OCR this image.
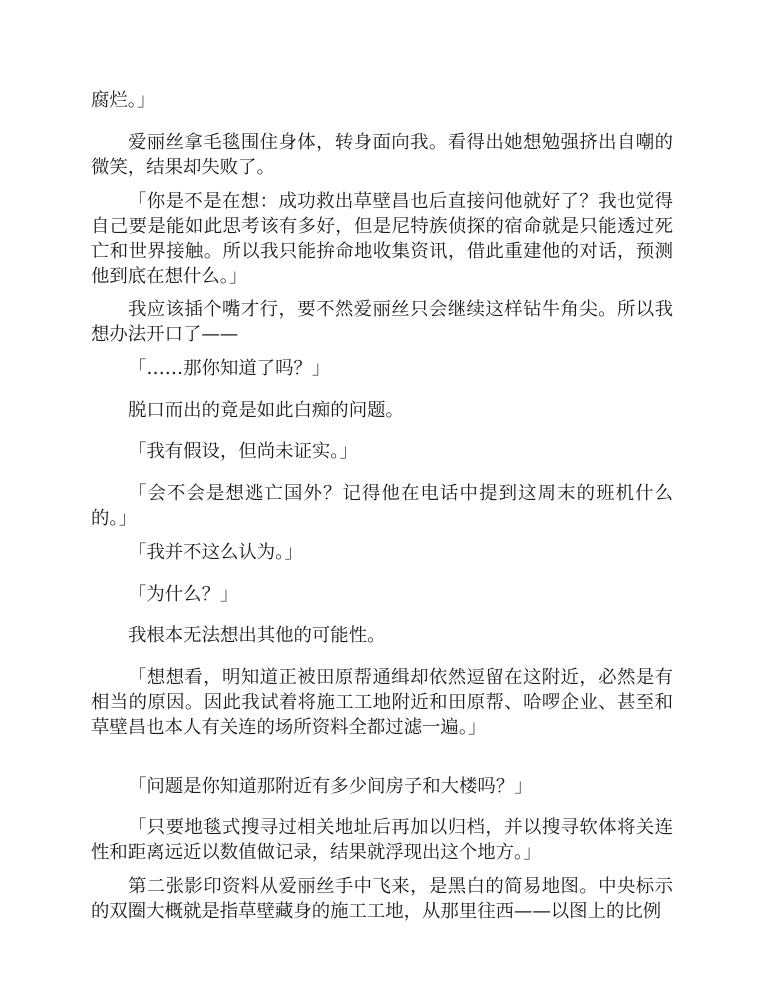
腐烂。」

爱丽丝拿毛毯围住身体，转身面向我。看得出她想勉强挤出自嘲的微笑，结果却失败了。

「你是不是在想：成功救出草壁昌也后直接问他就好了？我也觉得自己要是能如此思考该有多好，但是尼特族侦探的宿命就是只能透过死亡和世界接触。所以我只能拚命地收集资讯，借此重建他的对话，预测他到底在想什么。」

我应该插个嘴才行，要不然爱丽丝只会继续这样钻牛角尖。所以我想办法开口了——

「……那你知道了吗？」

脱口而出的竟是如此白痴的问题。

「我有假设，但尚未证实。」

「会不会是想逃亡国外？记得他在电话中提到这周末的班机什么的。」

「我并不这么认为。」

「为什么？」

我根本无法想出其他的可能性。

「想想看，明知道正被田原帮通缉却依然逗留在这附近，必然是有相当的原因。因此我试着将施工工地附近和田原帮、哈啰企业、甚至和草壁昌也本人有关连的场所资料全都过滤一遍。」

「问题是你知道那附近有多少间房子和大楼吗？」

「只要地毯式搜寻过相关地址后再加以归档，并以搜寻软体将关连性和距离远近以数值做记录，结果就浮现出这个地方。」

第二张影印资料从爱丽丝手中飞来，是黑白的简易地图。中央标示的双圈大概就是指草壁藏身的施工工地，从那里往西——以图上的比例
